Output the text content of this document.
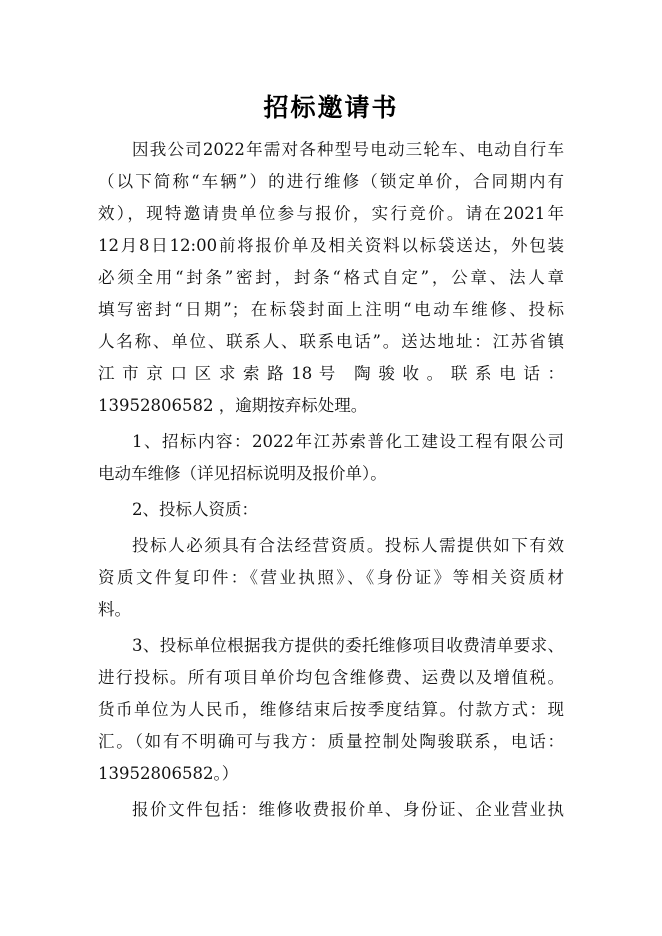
招标邀请书
因我公司2022年需对各种型号电动三轮车、电动自行车
（以下简称“车辆”）的进行维修（锁定单价，合同期内有
效），现特邀请贵单位参与报价，实行竞价。请在2021年
12月8日12:00前将报价单及相关资料以标袋送达，外包装
必须全用“封条”密封，封条“格式自定”，公章、法人章
填写密封“日期”；在标袋封面上注明“电动车维修、投标
人名称、单位、联系人、联系电话”。送达地址：江苏省镇
江 市 京 口 区 求 索 路 18 号　陶 骏 收 。 联 系 电 话 ：
13952806582 ，逾期按弃标处理。
1、招标内容：2022年江苏索普化工建设工程有限公司
电动车维修（详见招标说明及报价单）。
2、投标人资质：
投标人必须具有合法经营资质。投标人需提供如下有效
资质文件复印件：《营业执照》、《身份证》等相关资质材
料。
3、投标单位根据我方提供的委托维修项目收费清单要求、
进行投标。所有项目单价均包含维修费、运费以及增值税。
货币单位为人民币，维修结束后按季度结算。付款方式：现
汇。（如有不明确可与我方：质量控制处陶骏联系，电话：
13952806582。）
报价文件包括：维修收费报价单、身份证、企业营业执
